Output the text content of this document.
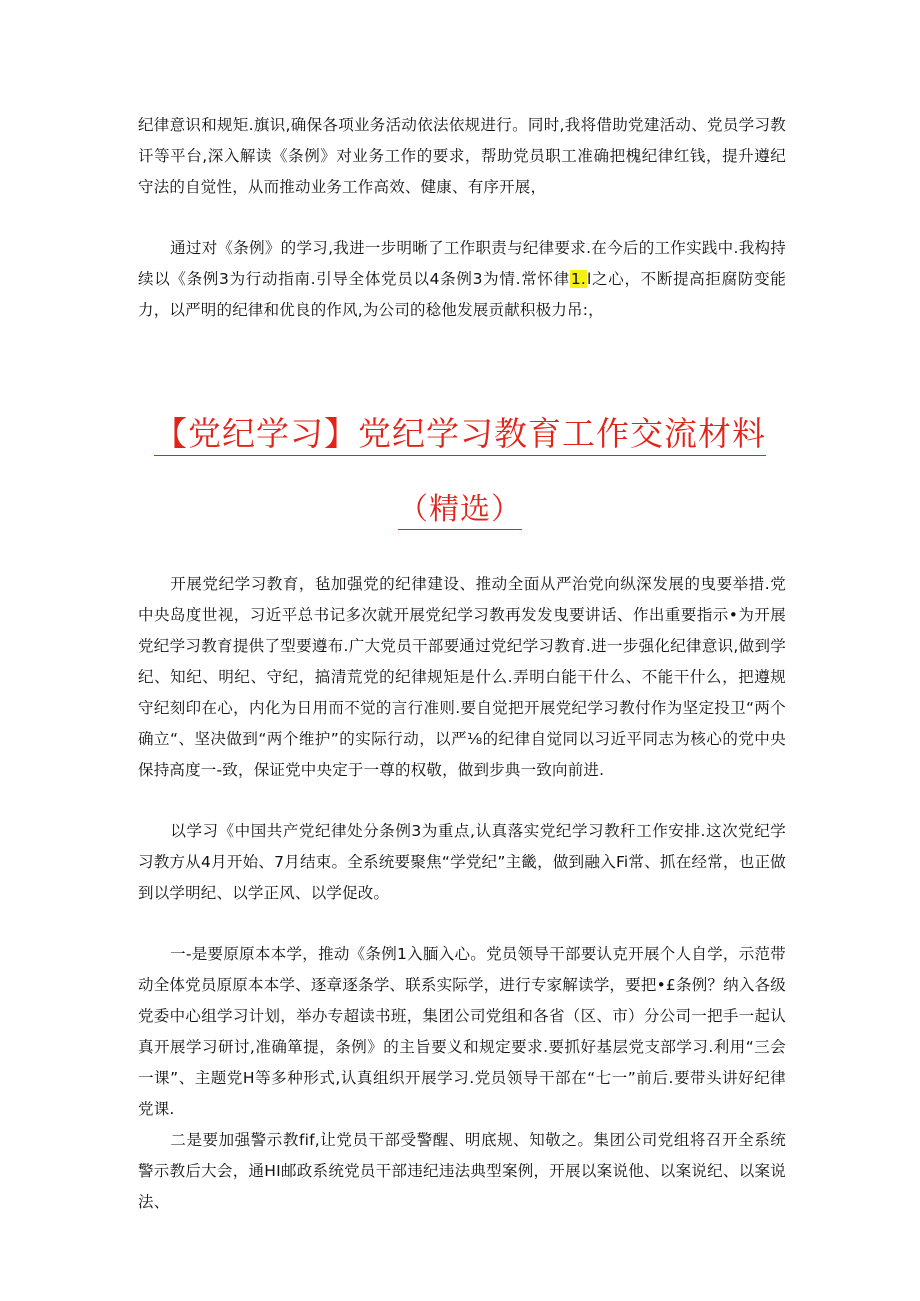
纪律意识和规矩.旗识,确保各项业务活动依法依规进行。同时,我将借助党建活动、党员学习教讦等平台,深入解读《条例》对业务工作的要求，帮助党员职工准确把槐纪律红钱，提升遵纪守法的自觉性，从而推动业务工作高效、健康、有序开展，

通过对《条例》的学习,我进一步明晰了工作职责与纪律要求.在今后的工作实践中.我构持续以《条例3为行动指南.引导全体党员以4条例3为情.常怀律1.l之心，不断提高拒腐防变能力，以严明的纪律和优良的作风,为公司的稔他发展贡献积极力吊:，

【党纪学习】党纪学习教育工作交流材料
（精选）

开展党纪学习教育，毡加强党的纪律建设、推动全面从严治党向纵深发展的曳要举措.党中央岛度世视，习近平总书记多次就开展党纪学习教再发发曳要讲话、作出重要指示•为开展党纪学习教育提供了型要遵布.广大党员干部要通过党纪学习教育.进一步强化纪律意识,做到学纪、知纪、明纪、守纪，搞清荒党的纪律规矩是什么.弄明白能干什么、不能干什么，把遵规守纪刻印在心，内化为日用而不觉的言行准则.要自觉把开展党纪学习教付作为坚定投卫“两个确立“、坚决做到“两个维护”的实际行动，以严⅛的纪律自觉同以习近平同志为核心的党中央保持高度一-致，保证党中央定于一尊的权敬，做到步典一致向前进.

以学习《中国共产党纪律处分条例3为重点,认真落实党纪学习教秆工作安排.这次党纪学习教方从4月开始、7月结束。全系统要聚焦“学党纪”主畿，做到融入Fi常、抓在经常，也正做到以学明纪、以学正风、以学促改。

一-是要原原本本学，推动《条例1入腼入心。党员领导干部要认克开展个人自学，示范带动全体党员原原本本学、逐章逐条学、联系实际学，进行专家解读学，要把•£条例？纳入各级党委中心组学习计划，举办专超读书班，集团公司党组和各省（区、市）分公司一把手一起认真开展学习研讨,准确箪提，条例》的主旨要义和规定要求.要抓好基层党支部学习.利用“三会一课”、主题党H等多种形式,认真组织开展学习.党员领导干部在“七一”前后.要带头讲好纪律党课.

二是要加强警示教fif,让党员干部受警醒、明底规、知敬之。集团公司党组将召开全系统警示教后大会，通HI邮政系统党员干部违纪违法典型案例，开展以案说他、以案说纪、以案说法、
